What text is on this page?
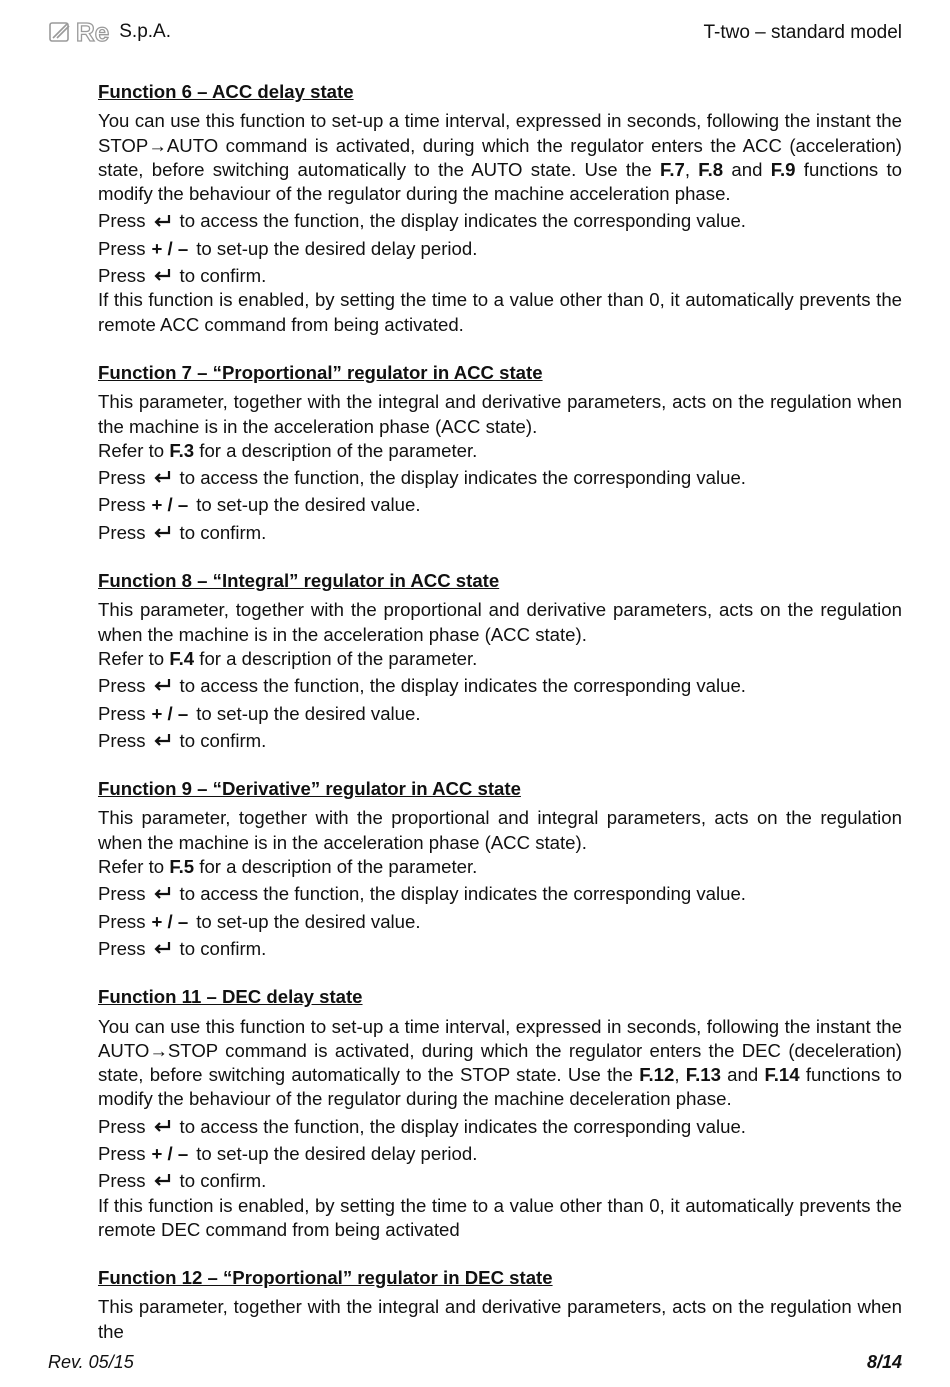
Re S.p.A.	T-two – standard model

Function 6 – ACC delay state

You can use this function to set-up a time interval, expressed in seconds, following the instant the STOP→AUTO command is activated, during which the regulator enters the ACC (acceleration) state, before switching automatically to the AUTO state. Use the F.7, F.8 and F.9 functions to modify the behaviour of the regulator during the machine acceleration phase.

Press to access the function, the display indicates the corresponding value.

Press + / – to set-up the desired delay period.

Press to confirm.

If this function is enabled, by setting the time to a value other than 0, it automatically prevents the remote ACC command from being activated.

Function 7 – “Proportional” regulator in ACC state

This parameter, together with the integral and derivative parameters, acts on the regulation when the machine is in the acceleration phase (ACC state).

Refer to F.3 for a description of the parameter.

Press to access the function, the display indicates the corresponding value.

Press + / – to set-up the desired value.

Press to confirm.

Function 8 – “Integral” regulator in ACC state

This parameter, together with the proportional and derivative parameters, acts on the regulation when the machine is in the acceleration phase (ACC state).

Refer to F.4 for a description of the parameter.

Press to access the function, the display indicates the corresponding value.

Press + / – to set-up the desired value.

Press to confirm.

Function 9 – “Derivative” regulator in ACC state

This parameter, together with the proportional and integral parameters, acts on the regulation when the machine is in the acceleration phase (ACC state).

Refer to F.5 for a description of the parameter.

Press to access the function, the display indicates the corresponding value.

Press + / – to set-up the desired value.

Press to confirm.

Function 11 – DEC delay state

You can use this function to set-up a time interval, expressed in seconds, following the instant the AUTO→STOP command is activated, during which the regulator enters the DEC (deceleration) state, before switching automatically to the STOP state. Use the F.12, F.13 and F.14 functions to modify the behaviour of the regulator during the machine deceleration phase.

Press to access the function, the display indicates the corresponding value.

Press + / – to set-up the desired delay period.

Press to confirm.

If this function is enabled, by setting the time to a value other than 0, it automatically prevents the remote DEC command from being activated

Function 12 – “Proportional” regulator in DEC state

This parameter, together with the integral and derivative parameters, acts on the regulation when the

Rev. 05/15	8/14
